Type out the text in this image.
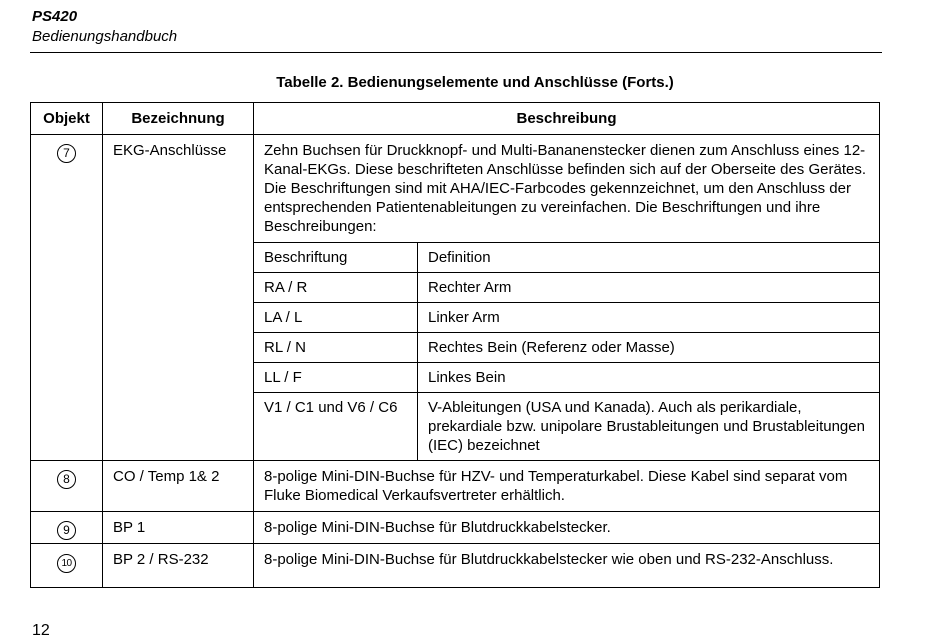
PS420
Bedienungshandbuch
Tabelle 2. Bedienungselemente und Anschlüsse (Forts.)
Objekt	Bezeichnung	Beschreibung
7	EKG-Anschlüsse	Zehn Buchsen für Druckknopf- und Multi-Bananenstecker dienen zum Anschluss eines 12-Kanal-EKGs. Diese beschrifteten Anschlüsse befinden sich auf der Oberseite des Gerätes. Die Beschriftungen sind mit AHA/IEC-Farbcodes gekennzeichnet, um den Anschluss der entsprechenden Patientenableitungen zu vereinfachen. Die Beschriftungen und ihre Beschreibungen:
Beschriftung	Definition
RA / R	Rechter Arm
LA / L	Linker Arm
RL / N	Rechtes Bein (Referenz oder Masse)
LL / F	Linkes Bein
V1 / C1 und V6 / C6	V-Ableitungen (USA und Kanada). Auch als perikardiale, prekardiale bzw. unipolare Brustableitungen und Brustableitungen (IEC) bezeichnet

8	CO / Temp 1& 2	8-polige Mini-DIN-Buchse für HZV- und Temperaturkabel. Diese Kabel sind separat vom Fluke Biomedical Verkaufsvertreter erhältlich.

9	BP 1	8-polige Mini-DIN-Buchse für Blutdruckkabelstecker.

10	BP 2 / RS-232	8-polige Mini-DIN-Buchse für Blutdruckkabelstecker wie oben und RS-232-Anschluss.
12
